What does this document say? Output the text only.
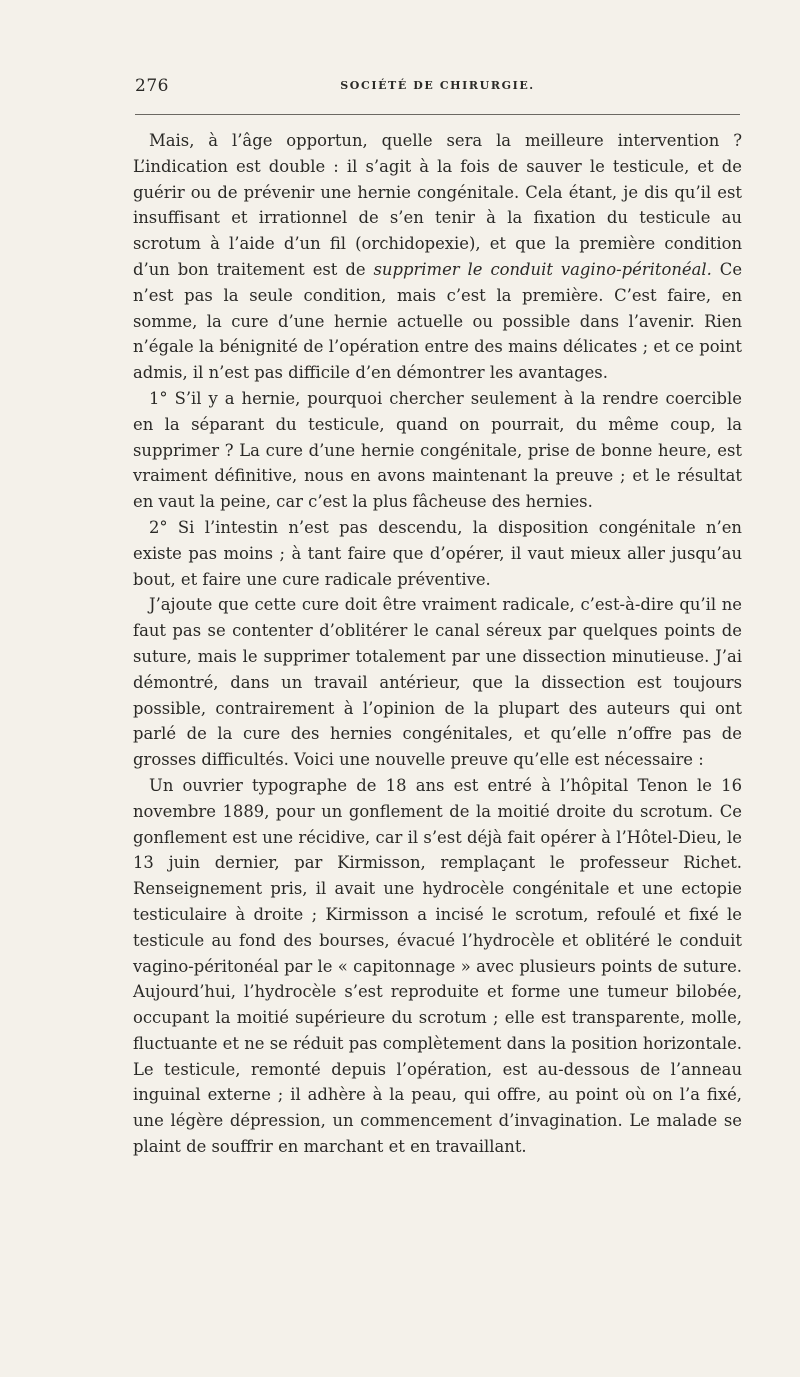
276	SOCIÉTÉ DE CHIRURGIE.

Mais, à l’âge opportun, quelle sera la meilleure intervention ? L’indication est double : il s’agit à la fois de sauver le testicule, et de guérir ou de prévenir une hernie congénitale. Cela étant, je dis qu’il est insuffisant et irrationnel de s’en tenir à la fixation du testicule au scrotum à l’aide d’un fil (orchidopexie), et que la première condition d’un bon traitement est de supprimer le conduit vagino-péritonéal. Ce n’est pas la seule condition, mais c’est la première. C’est faire, en somme, la cure d’une hernie actuelle ou possible dans l’avenir. Rien n’égale la bénignité de l’opération entre des mains délicates ; et ce point admis, il n’est pas difficile d’en démontrer les avantages.

1° S’il y a hernie, pourquoi chercher seulement à la rendre coercible en la séparant du testicule, quand on pourrait, du même coup, la supprimer ? La cure d’une hernie congénitale, prise de bonne heure, est vraiment définitive, nous en avons maintenant la preuve ; et le résultat en vaut la peine, car c’est la plus fâcheuse des hernies.

2° Si l’intestin n’est pas descendu, la disposition congénitale n’en existe pas moins ; à tant faire que d’opérer, il vaut mieux aller jusqu’au bout, et faire une cure radicale préventive.

J’ajoute que cette cure doit être vraiment radicale, c’est-à-dire qu’il ne faut pas se contenter d’oblitérer le canal séreux par quelques points de suture, mais le supprimer totalement par une dissection minutieuse. J’ai démontré, dans un travail antérieur, que la dissection est toujours possible, contrairement à l’opinion de la plupart des auteurs qui ont parlé de la cure des hernies congénitales, et qu’elle n’offre pas de grosses difficultés. Voici une nouvelle preuve qu’elle est nécessaire :

Un ouvrier typographe de 18 ans est entré à l’hôpital Tenon le 16 novembre 1889, pour un gonflement de la moitié droite du scrotum. Ce gonflement est une récidive, car il s’est déjà fait opérer à l’Hôtel-Dieu, le 13 juin dernier, par Kirmisson, remplaçant le professeur Richet. Renseignement pris, il avait une hydrocèle congénitale et une ectopie testiculaire à droite ; Kirmisson a incisé le scrotum, refoulé et fixé le testicule au fond des bourses, évacué l’hydrocèle et oblitéré le conduit vagino-péritonéal par le « capitonnage » avec plusieurs points de suture. Aujourd’hui, l’hydrocèle s’est reproduite et forme une tumeur bilobée, occupant la moitié supérieure du scrotum ; elle est transparente, molle, fluctuante et ne se réduit pas complètement dans la position horizontale. Le testicule, remonté depuis l’opération, est au-dessous de l’anneau inguinal externe ; il adhère à la peau, qui offre, au point où on l’a fixé, une légère dépression, un commencement d’invagination. Le malade se plaint de souffrir en marchant et en travaillant.
